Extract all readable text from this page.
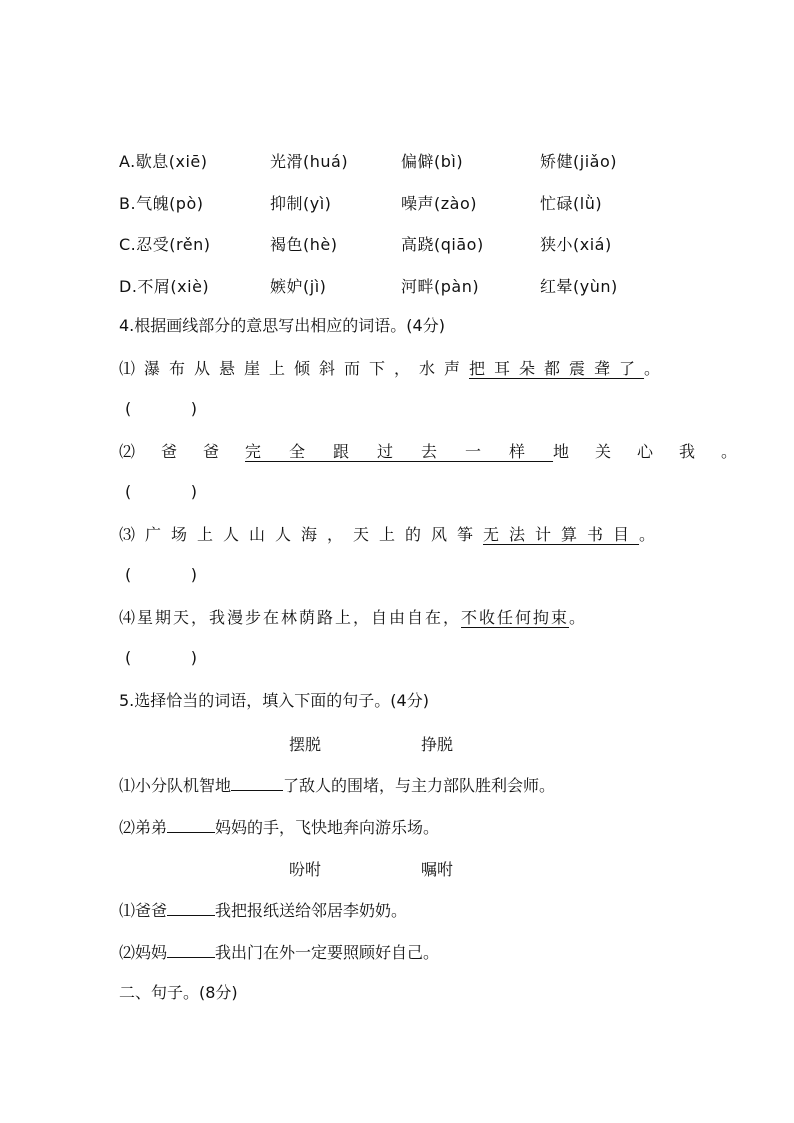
A.歇息(xiē)	光滑(huá)	偏僻(bì)	矫健(jiǎo)
B.气魄(pò)	抑制(yì)	噪声(zào)	忙碌(lǜ)
C.忍受(rěn)	褐色(hè)	高跷(qiāo)	狭小(xiá)
D.不屑(xiè)	嫉妒(jì)	河畔(pàn)	红晕(yùn)
4.根据画线部分的意思写出相应的词语。(4分)
⑴瀑布从悬崖上倾斜而下，水声把耳朵都震聋了。
(	)
⑵爸爸完全跟过去一样地关心我。
(	)
⑶广场上人山人海，天上的风筝无法计算书目。
(	)
⑷星期天，我漫步在林荫路上，自由自在，不收任何拘束。
(	)
5.选择恰当的词语，填入下面的句子。(4分)
摆脱	挣脱
⑴小分队机智地	了敌人的围堵，与主力部队胜利会师。
⑵弟弟	妈妈的手，飞快地奔向游乐场。
吩咐	嘱咐
⑴爸爸	我把报纸送给邻居李奶奶。
⑵妈妈	我出门在外一定要照顾好自己。
二、句子。(8分)
